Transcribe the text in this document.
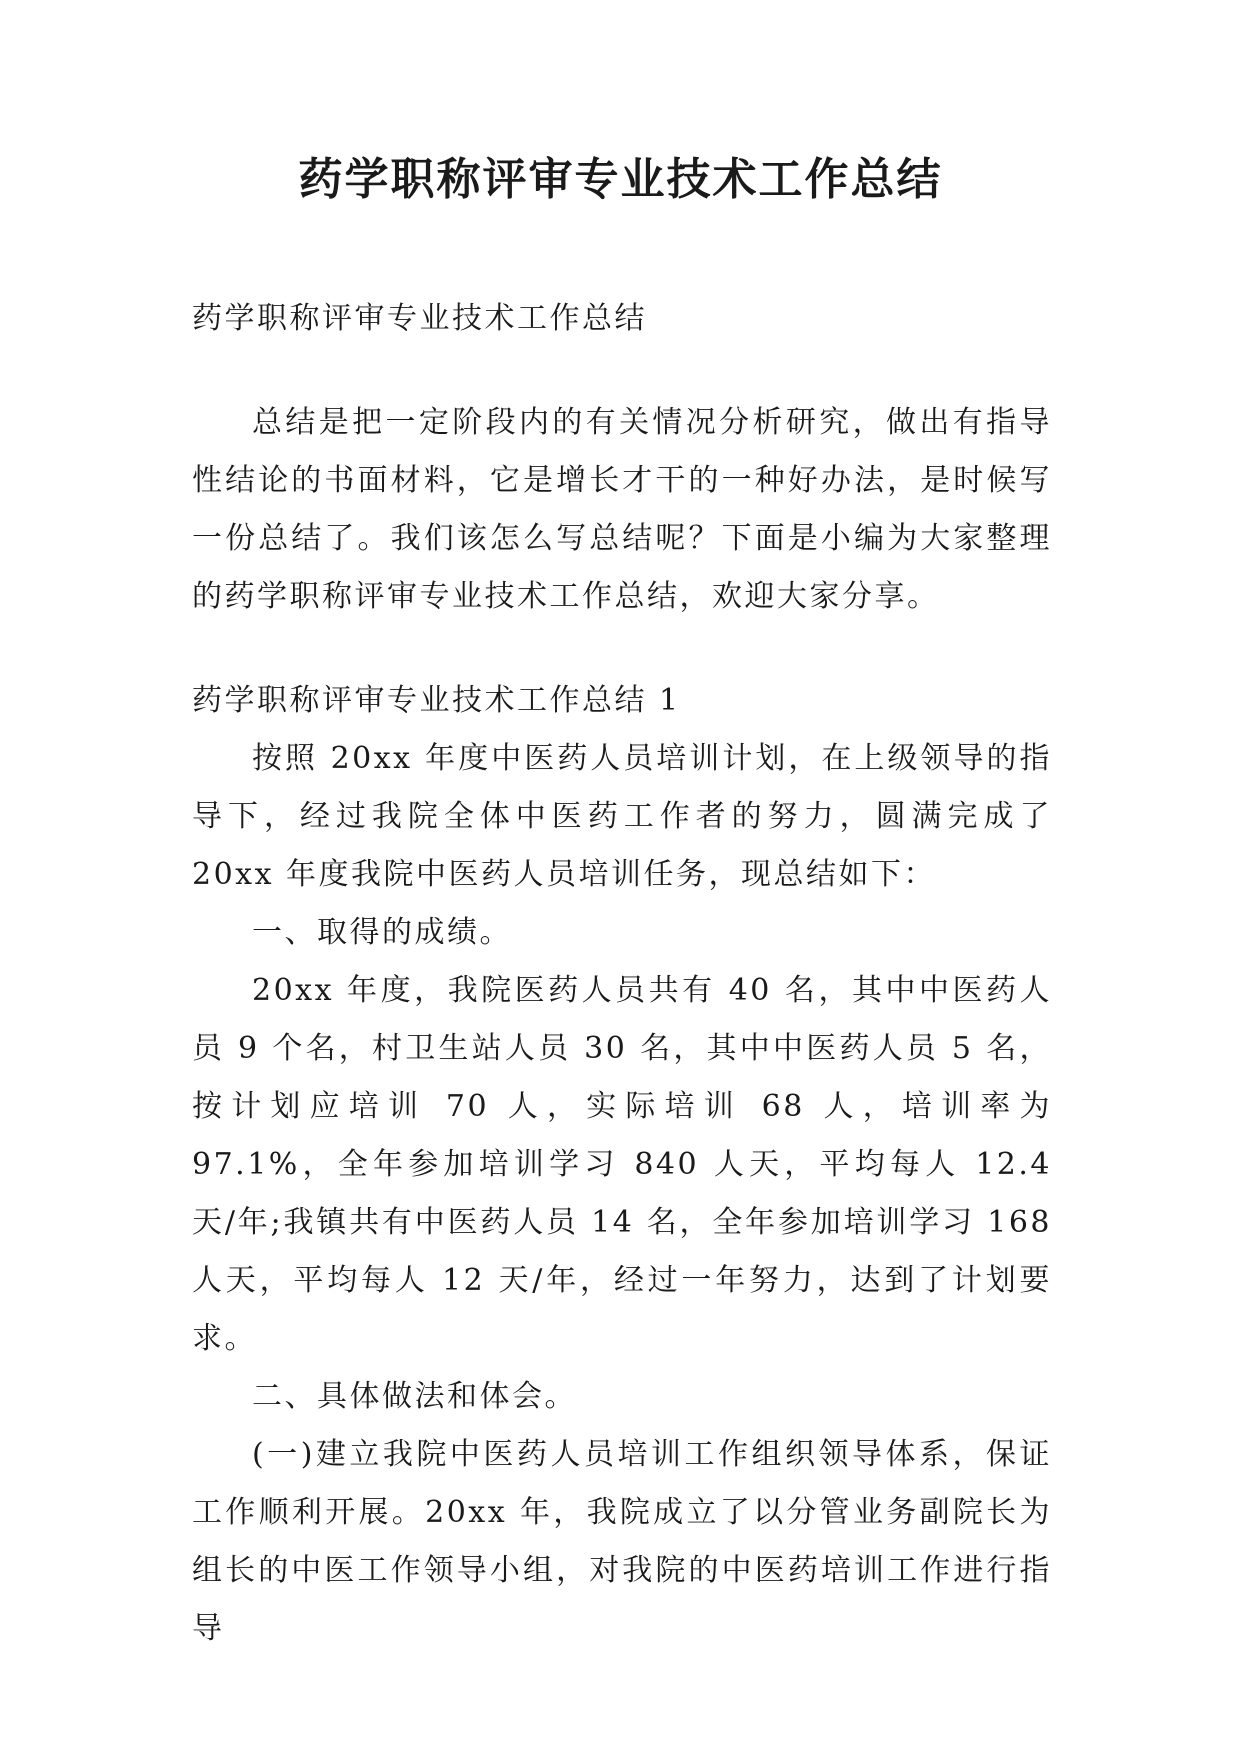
药学职称评审专业技术工作总结

药学职称评审专业技术工作总结

总结是把一定阶段内的有关情况分析研究，做出有指导性结论的书面材料，它是增长才干的一种好办法，是时候写一份总结了。我们该怎么写总结呢？下面是小编为大家整理的药学职称评审专业技术工作总结，欢迎大家分享。

药学职称评审专业技术工作总结 1

按照 20xx 年度中医药人员培训计划，在上级领导的指导下，经过我院全体中医药工作者的努力，圆满完成了 20xx 年度我院中医药人员培训任务，现总结如下：

一、取得的成绩。

20xx 年度，我院医药人员共有 40 名，其中中医药人员 9 个名，村卫生站人员 30 名，其中中医药人员 5 名，按计划应培训 70 人，实际培训 68 人，培训率为 97.1%，全年参加培训学习 840 人天，平均每人 12.4 天/年;我镇共有中医药人员 14 名，全年参加培训学习 168 人天，平均每人 12 天/年，经过一年努力，达到了计划要求。

二、具体做法和体会。

(一)建立我院中医药人员培训工作组织领导体系，保证工作顺利开展。20xx 年，我院成立了以分管业务副院长为组长的中医工作领导小组，对我院的中医药培训工作进行指导
